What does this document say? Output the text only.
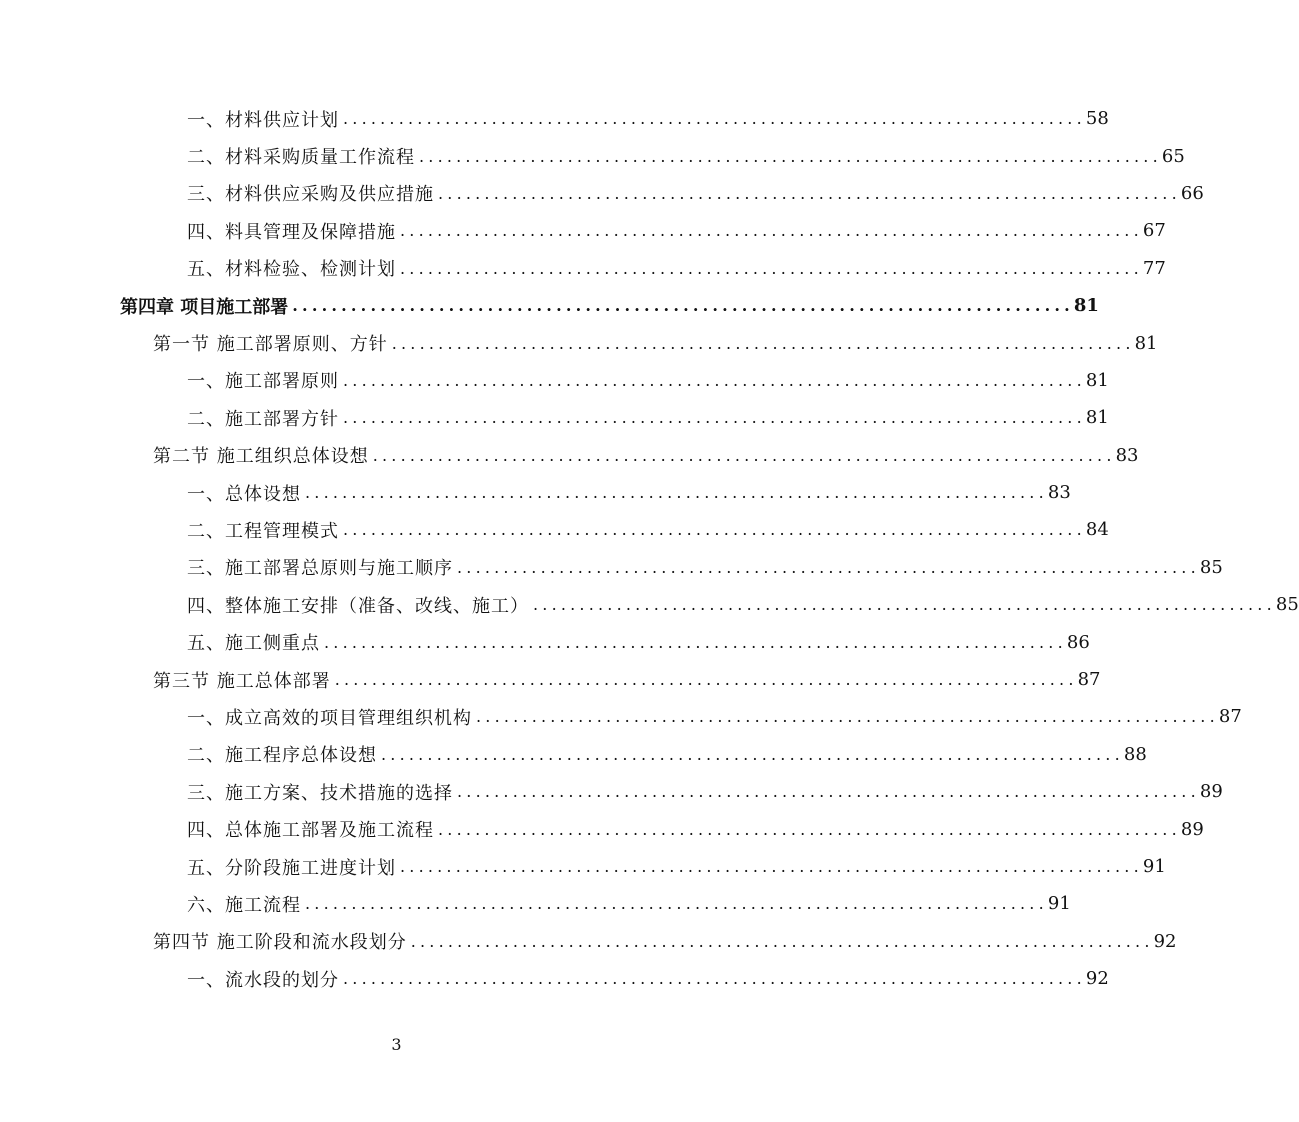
一、材料供应计划 ................................................................................ 58
二、材料采购质量工作流程 ................................................................................ 65
三、材料供应采购及供应措施 ................................................................................ 66
四、料具管理及保障措施 ................................................................................ 67
五、材料检验、检测计划 ................................................................................ 77
第四章 项目施工部署 ................................................................................ 81
第一节 施工部署原则、方针 ................................................................................ 81
一、施工部署原则 ................................................................................ 81
二、施工部署方针 ................................................................................ 81
第二节 施工组织总体设想 ................................................................................ 83
一、总体设想 ................................................................................ 83
二、工程管理模式 ................................................................................ 84
三、施工部署总原则与施工顺序 ................................................................................ 85
四、整体施工安排（准备、改线、施工） ................................................................................ 85
五、施工侧重点 ................................................................................ 86
第三节 施工总体部署 ................................................................................ 87
一、成立高效的项目管理组织机构 ................................................................................ 87
二、施工程序总体设想 ................................................................................ 88
三、施工方案、技术措施的选择 ................................................................................ 89
四、总体施工部署及施工流程 ................................................................................ 89
五、分阶段施工进度计划 ................................................................................ 91
六、施工流程 ................................................................................ 91
第四节 施工阶段和流水段划分 ................................................................................ 92
一、流水段的划分 ................................................................................ 92
3
